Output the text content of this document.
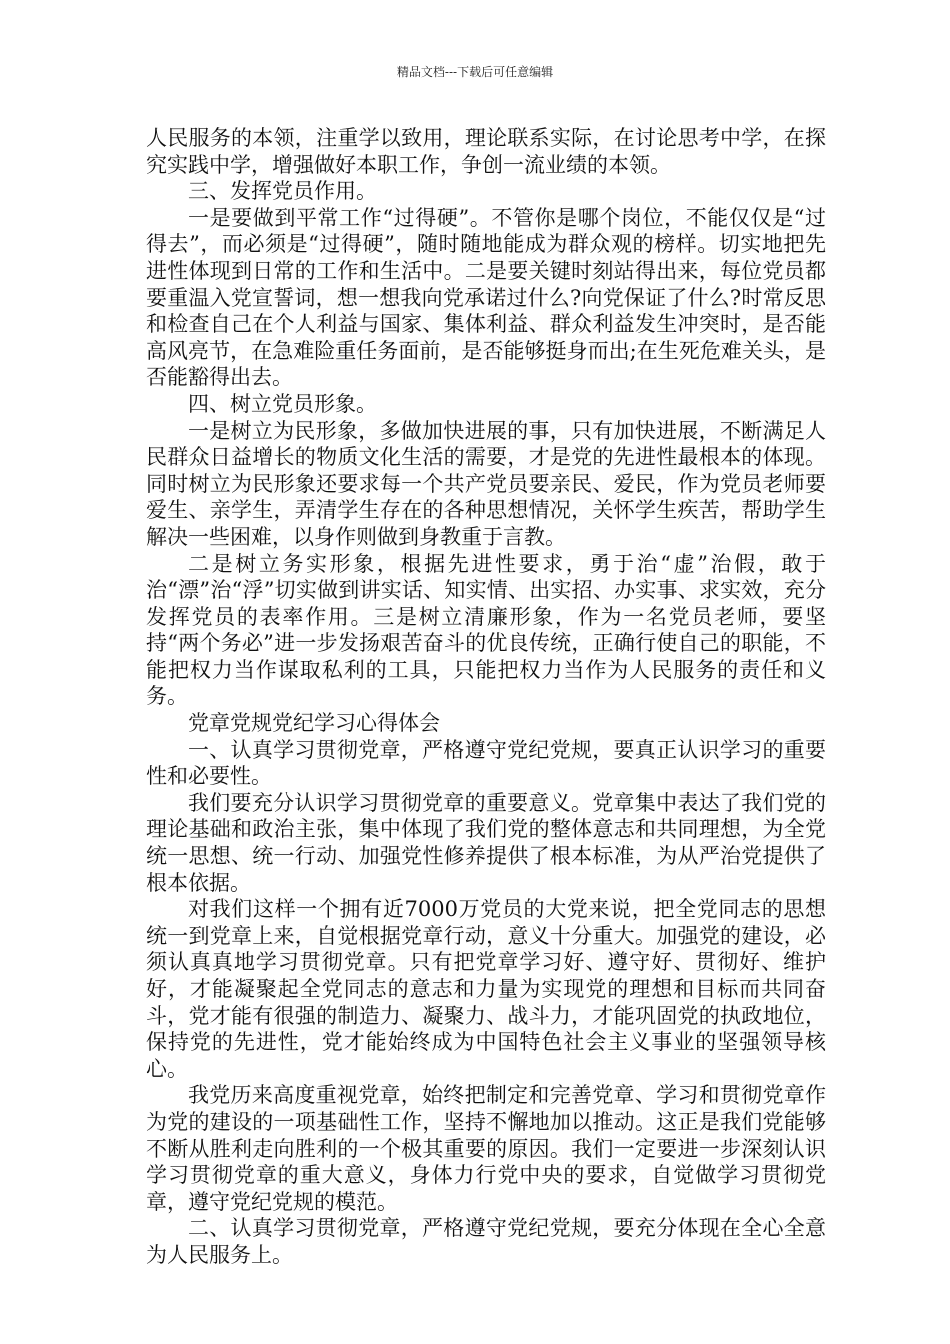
精品文档---下载后可任意编辑

人民服务的本领，注重学以致用，理论联系实际，在讨论思考中学，在探究实践中学，增强做好本职工作，争创一流业绩的本领。

三、发挥党员作用。

一是要做到平常工作“过得硬”。不管你是哪个岗位，不能仅仅是“过得去”，而必须是“过得硬”，随时随地能成为群众观的榜样。切实地把先进性体现到日常的工作和生活中。二是要关键时刻站得出来，每位党员都要重温入党宣誓词，想一想我向党承诺过什么?向党保证了什么?时常反思和检查自己在个人利益与国家、集体利益、群众利益发生冲突时，是否能高风亮节，在急难险重任务面前，是否能够挺身而出;在生死危难关头，是否能豁得出去。

四、树立党员形象。

一是树立为民形象，多做加快进展的事，只有加快进展，不断满足人民群众日益增长的物质文化生活的需要，才是党的先进性最根本的体现。同时树立为民形象还要求每一个共产党员要亲民、爱民，作为党员老师要爱生、亲学生，弄清学生存在的各种思想情况，关怀学生疾苦，帮助学生解决一些困难，以身作则做到身教重于言教。

二是树立务实形象，根据先进性要求，勇于治“虚”治假，敢于治“漂”治“浮”切实做到讲实话、知实情、出实招、办实事、求实效，充分发挥党员的表率作用。三是树立清廉形象，作为一名党员老师，要坚持“两个务必”进一步发扬艰苦奋斗的优良传统，正确行使自己的职能，不能把权力当作谋取私利的工具，只能把权力当作为人民服务的责任和义务。

党章党规党纪学习心得体会

一、认真学习贯彻党章，严格遵守党纪党规，要真正认识学习的重要性和必要性。

我们要充分认识学习贯彻党章的重要意义。党章集中表达了我们党的理论基础和政治主张，集中体现了我们党的整体意志和共同理想，为全党统一思想、统一行动、加强党性修养提供了根本标准，为从严治党提供了根本依据。

对我们这样一个拥有近7000万党员的大党来说，把全党同志的思想统一到党章上来，自觉根据党章行动，意义十分重大。加强党的建设，必须认真真地学习贯彻党章。只有把党章学习好、遵守好、贯彻好、维护好，才能凝聚起全党同志的意志和力量为实现党的理想和目标而共同奋斗，党才能有很强的制造力、凝聚力、战斗力，才能巩固党的执政地位，保持党的先进性，党才能始终成为中国特色社会主义事业的坚强领导核心。

我党历来高度重视党章，始终把制定和完善党章、学习和贯彻党章作为党的建设的一项基础性工作，坚持不懈地加以推动。这正是我们党能够不断从胜利走向胜利的一个极其重要的原因。我们一定要进一步深刻认识学习贯彻党章的重大意义，身体力行党中央的要求，自觉做学习贯彻党章，遵守党纪党规的模范。

二、认真学习贯彻党章，严格遵守党纪党规，要充分体现在全心全意为人民服务上。
